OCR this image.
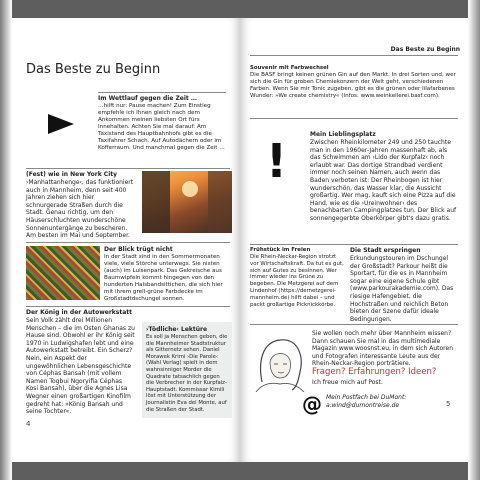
Das Beste zu Beginn
Im Wettlauf gegen die Zeit …
…hilft nur: Pause machen! Zum Einstieg empfehle ich Ihnen gleich nach dem Ankommen meinen liebsten Ort fürs Innehalten. Achten Sie mal darauf: Am Taxistand des Hauptbahnhofs gibt es die Taxifahrer Schach. Auf Autodächern oder im Kofferraum. Und manchmal gegen die Zeit …
(Fest) wie in New York City
›Manhattanhenge‹, das funktioniert auch in Mannheim, denn seit 400 Jahren ziehen sich hier schnurgerade Straßen durch die Stadt. Genau richtig, um den Häuserschluchten wunderschöne Sonnenuntergänge zu bescheren. Am besten im Mai und September.
Der Blick trügt nicht
In der Stadt sind in den Sommermonaten viele, viele Störche unterwegs. Sie nisten (auch) im Luisenpark. Das Gekreische aus Baumwipfeln kommt hingegen von den hunderten Halsbandsittichen, die sich hier mit ihrem grell-grüne Farbdecke im Großstadtdschungel sonnen.
Der König in der Autowerkstatt
Sein Volk zählt drei Millionen Menschen – die im Osten Ghanas zu Hause sind. Obwohl er ihr König seit 1970 in Ludwigshafen lebt und eine Autowerkstatt betreibt. Ein Scherz? Nein, ein Aspekt der ungewöhnlichen Lebensgeschichte von Céphas Bansah (mit vollem Namen Togbui Ngoryifia Céphas Kosi Bansah), über die Agnes Lisa Wegner einen großartigen Kinofilm gedreht hat: »König Bansah und seine Tochter«.
›Tödliche‹ Lektüre
Es soll ja Menschen geben, die die Mannheimer Stadtstruktur als Gitternetz sehen. Daniel Morawek Krimi ›Die Parole‹ (Wahl Verlag) spielt in dem wahnsinniger Morder die Quadrate tatsachlich gegen die Verbrecher in der Kurpfalz-Hauptstadt. Kommissar Kimili löst mit Unterstützung der Journalistin Eva del Monte, auf die Straßen der Stadt.
4
Das Beste zu Beginn
Souvenir mit Farbwechsel
Die BASF bringt keinen grünen Gin auf den Markt. In drei Sorten und, wer sich die Gin für groben Chemiekonzern der Welt geht, verschiedenen Farben. Wenn Sie mir Tonic zugeben, gibt es die grünen oder lilafarbenes Wunder: »We create chemistry« (Infos: www.weinkellerei.basf.com).
!	Mein Lieblingsplatz
Zwischen Rheinkilometer 249 und 250 tauchte man in den 1960er-Jahren massenhaft ab, als das Schwimmen am ›Lido der Kurpfalz‹ noch erlaubt war. Das dortige Strandbad verdient immer noch seinen Namen, auch wenn das Baden verboten ist: Der Rheinbogen ist hier wunderschön, das Wasser klar, die Aussicht großartig. Wer mag, kauft sich eine Pizza auf die Hand, wie es die ›Ureinwohner‹ des benachbarten Campingplatzes tun. Der Blick auf sonnengegerbte Oberkörper gibt's dazu gratis.
Frühstück im Freien
Die Rhein-Neckar-Region strotzt vor Wirtschaftskraft. Da tut es gut, sich auf Gutes zu besinnen. Wer immer wieder ins Grüne zu begeben. Die Metzgerei auf dem Lindenhof (https://dernetzgerei-mannheim.de) hilft dabei – und packt großartige Picknickkörbe.
Die Stadt erspringen
Erkundungstouren im Dschungel der Großstadt? Parkour heißt die Sportart, für die es in Mannheim sogar eine eigene Schule gibt (www.parkourakademie.com). Das riesige Hafengebiet, die Hochstraßen und reichlich Beton bieten der Szene dafür ideale Bedingungen.
Sie wollen noch mehr über Mannheim wissen? Dann schauen Sie mal in das multimediale Magazin www.woosnst.eu, in dem sich Autoren und Fotografen interessante Leute aus der Rhein-Neckar-Region porträtiere.
Fragen? Erfahrungen? Ideen?
Ich freue mich auf Post.
@ Mein Postfach bei DuMont:
a.wind@dumontreise.de	5
